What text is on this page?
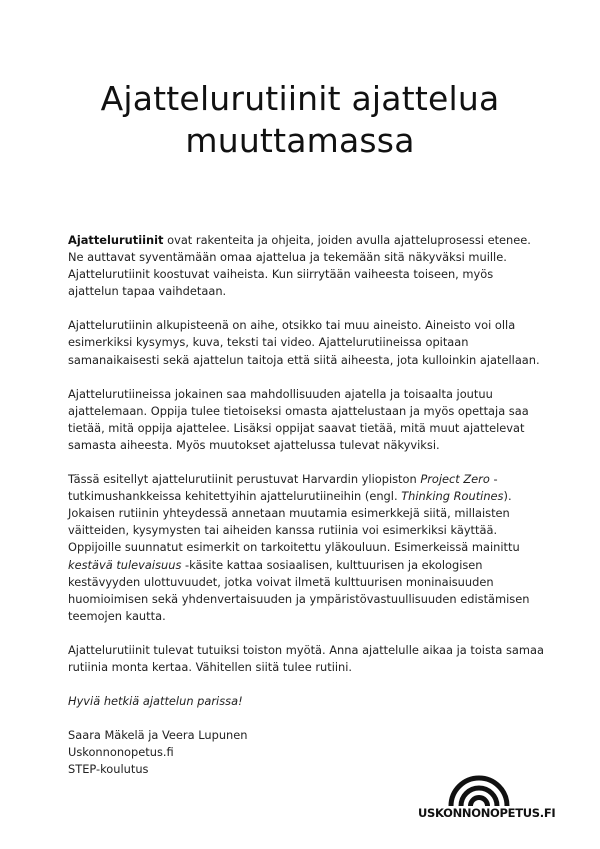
Ajattelurutiinit ajattelua
muuttamassa

Ajattelurutiinit ovat rakenteita ja ohjeita, joiden avulla ajatteluprosessi etenee. Ne auttavat syventämään omaa ajattelua ja tekemään sitä näkyväksi muille. Ajattelurutiinit koostuvat vaiheista. Kun siirrytään vaiheesta toiseen, myös ajattelun tapaa vaihdetaan.

Ajattelurutiinin alkupisteenä on aihe, otsikko tai muu aineisto. Aineisto voi olla esimerkiksi kysymys, kuva, teksti tai video. Ajattelurutiineissa opitaan samanaikaisesti sekä ajattelun taitoja että siitä aiheesta, jota kulloinkin ajatellaan.

Ajattelurutiineissa jokainen saa mahdollisuuden ajatella ja toisaalta joutuu ajattelemaan. Oppija tulee tietoiseksi omasta ajattelustaan ja myös opettaja saa tietää, mitä oppija ajattelee. Lisäksi oppijat saavat tietää, mitä muut ajattelevat samasta aiheesta. Myös muutokset ajattelussa tulevat näkyviksi.

Tässä esitellyt ajattelurutiinit perustuvat Harvardin yliopiston Project Zero -tutkimushankkeissa kehitettyihin ajattelurutiineihin (engl. Thinking Routines). Jokaisen rutiinin yhteydessä annetaan muutamia esimerkkejä siitä, millaisten väitteiden, kysymysten tai aiheiden kanssa rutiinia voi esimerkiksi käyttää. Oppijoille suunnatut esimerkit on tarkoitettu yläkouluun. Esimerkeissä mainittu kestävä tulevaisuus -käsite kattaa sosiaalisen, kulttuurisen ja ekologisen kestävyyden ulottuvuudet, jotka voivat ilmetä kulttuurisen moninaisuuden huomioimisen sekä yhdenvertaisuuden ja ympäristövastuullisuuden edistämisen teemojen kautta.

Ajattelurutiinit tulevat tutuiksi toiston myötä. Anna ajattelulle aikaa ja toista samaa rutiinia monta kertaa. Vähitellen siitä tulee rutiini.

Hyviä hetkiä ajattelun parissa!

Saara Mäkelä ja Veera Lupunen
Uskonnonopetus.fi
STEP-koulutus

USKONNONOPETUS.FI
